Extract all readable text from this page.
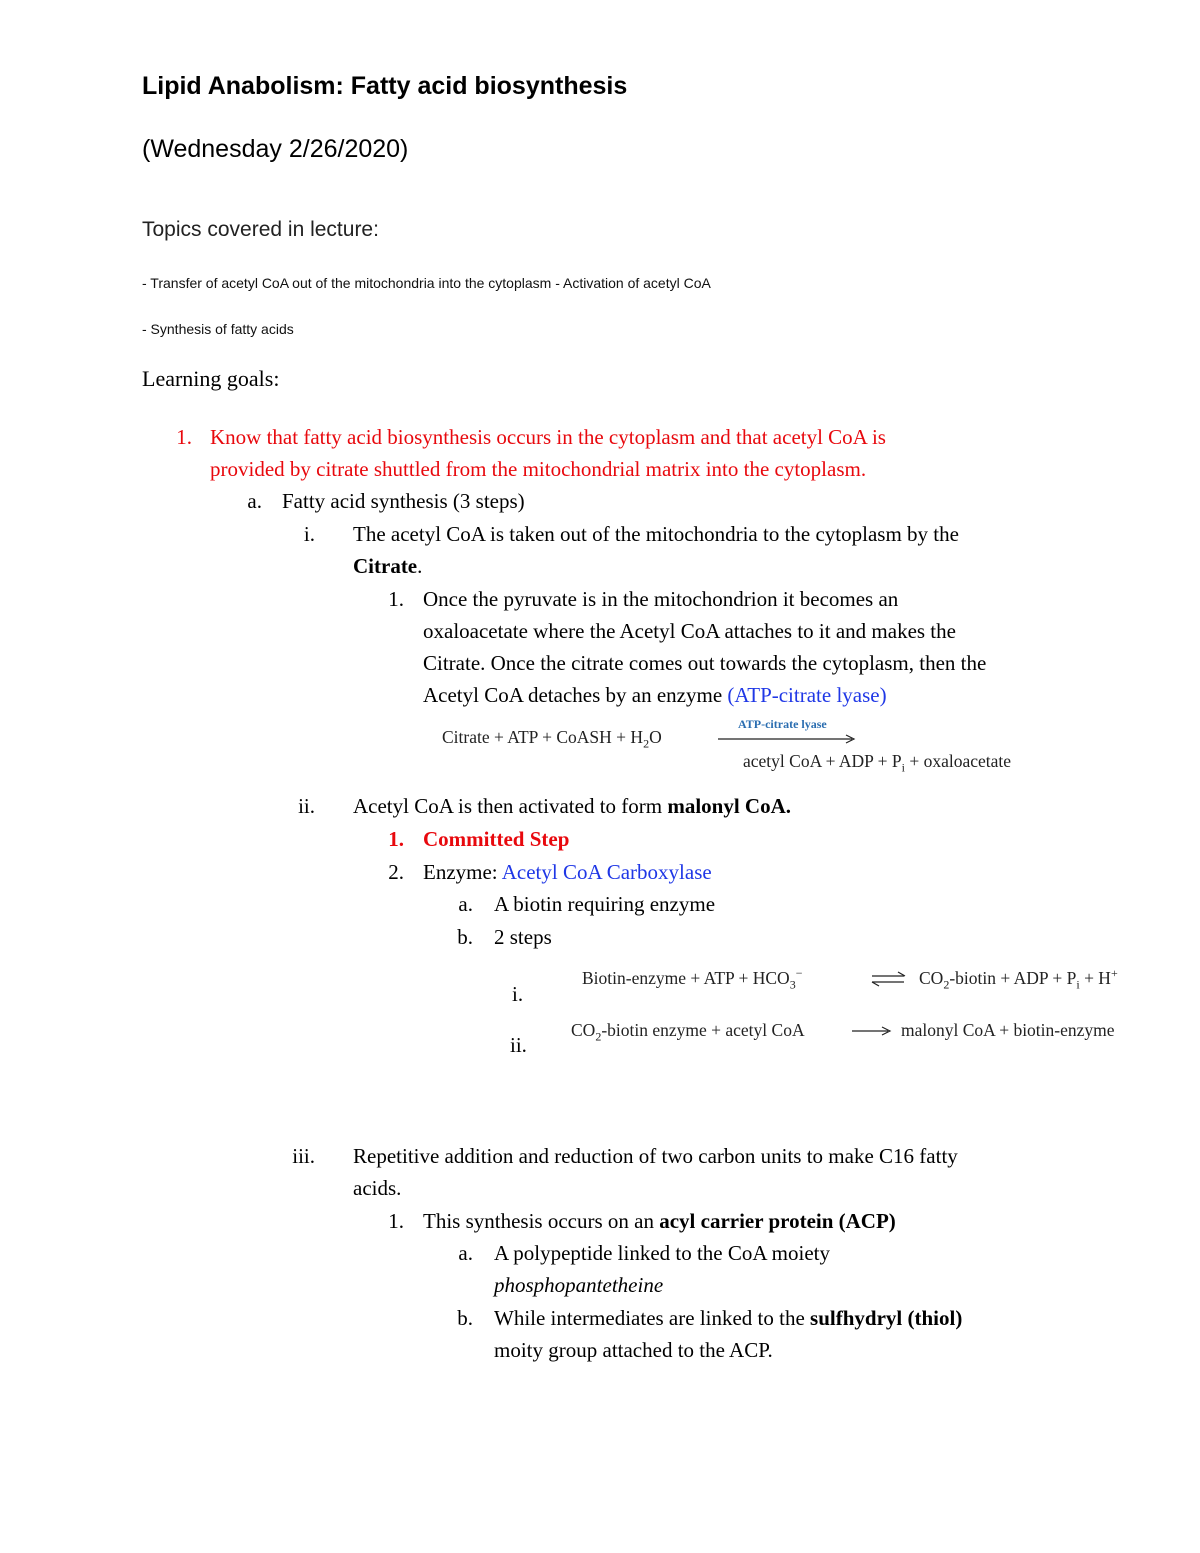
Lipid Anabolism: Fatty acid biosynthesis
(Wednesday 2/26/2020)
Topics covered in lecture:
- Transfer of acetyl CoA out of the mitochondria into the cytoplasm - Activation of acetyl CoA
- Synthesis of fatty acids
Learning goals:
1. Know that fatty acid biosynthesis occurs in the cytoplasm and that acetyl CoA is
provided by citrate shuttled from the mitochondrial matrix into the cytoplasm.
a. Fatty acid synthesis (3 steps)
i. The acetyl CoA is taken out of the mitochondria to the cytoplasm by the
Citrate.
1. Once the pyruvate is in the mitochondrion it becomes an
oxaloacetate where the Acetyl CoA attaches to it and makes the
Citrate. Once the citrate comes out towards the cytoplasm, then the
Acetyl CoA detaches by an enzyme (ATP-citrate lyase)
Citrate + ATP + CoASH + $H_2O$
ATP-citrate lyase
acetyl CoA + ADP + $P_i$ + oxaloacetate
ii. Acetyl CoA is then activated to form malonyl CoA.
1. Committed Step
2. Enzyme: Acetyl CoA Carboxylase
a. A biotin requiring enzyme
b. 2 steps
i.
Biotin-enzyme + ATP + $HCO_3^-$	⇌ $CO_2$-biotin + ADP + $P_i + H^+$
ii.
$CO_2$-biotin enzyme + acetyl CoA	malonyl CoA + biotin-enzyme
iii. Repetitive addition and reduction of two carbon units to make C16 fatty
acids.
1. This synthesis occurs on an acyl carrier protein (ACP)
a. A polypeptide linked to the CoA moiety
phosphopantetheine
b. While intermediates are linked to the sulfhydryl (thiol)
moity group attached to the ACP.
